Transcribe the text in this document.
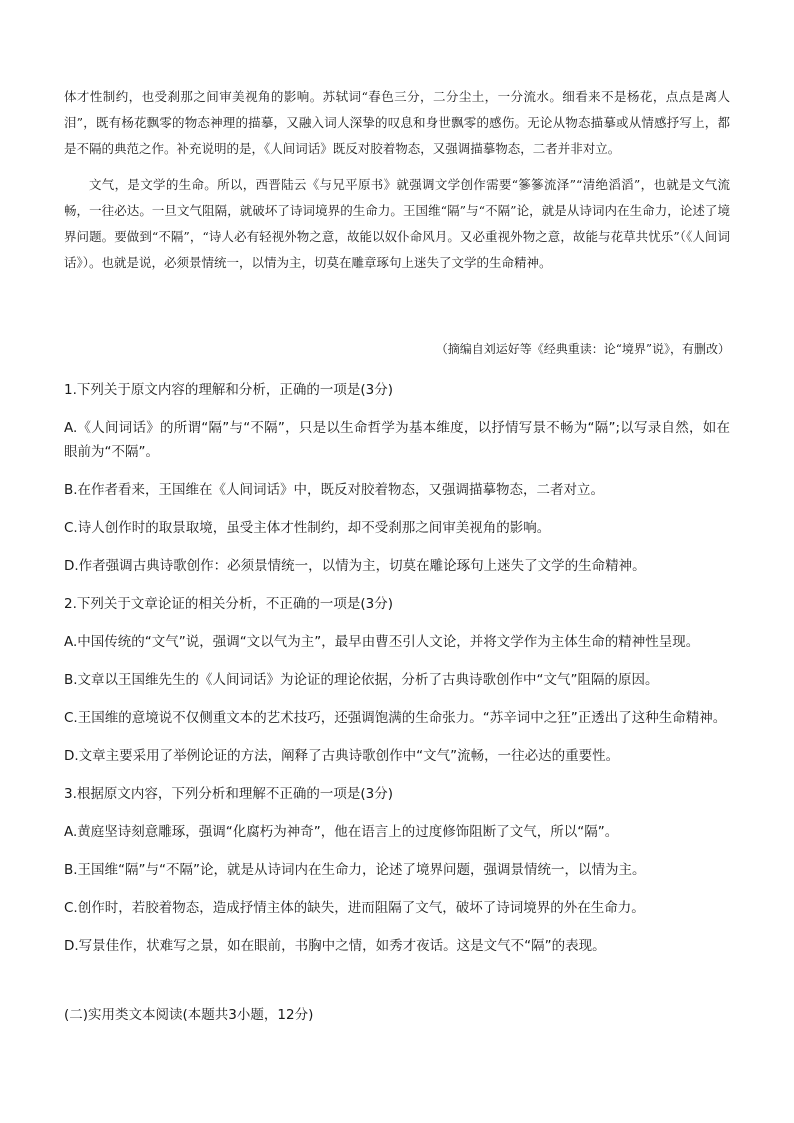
体才性制约，也受刹那之间审美视角的影响。苏轼词“春色三分，二分尘土，一分流水。细看来不是杨花，点点是离人泪”，既有杨花飘零的物态神理的描摹，又融入词人深挚的叹息和身世飘零的感伤。无论从物态描摹或从情感抒写上，都是不隔的典范之作。补充说明的是，《人间词话》既反对胶着物态，又强调描摹物态，二者并非对立。

文气，是文学的生命。所以，西晋陆云《与兄平原书》就强调文学创作需要“篸篸流泽”“清绝滔滔”，也就是文气流畅，一往必达。一旦文气阻隔，就破坏了诗词境界的生命力。王国维“隔”与“不隔”论，就是从诗词内在生命力，论述了境界问题。要做到“不隔”，“诗人必有轻视外物之意，故能以奴仆命风月。又必重视外物之意，故能与花草共忧乐”（《人间词话》）。也就是说，必须景情统一，以情为主，切莫在雕章琢句上迷失了文学的生命精神。

（摘编自刘运好等《经典重读：论“境界”说》，有删改）

1.下列关于原文内容的理解和分析，正确的一项是(3分)

A.《人间词话》的所谓“隔”与“不隔”，只是以生命哲学为基本维度，以抒情写景不畅为“隔”;以写录自然，如在眼前为“不隔”。

B.在作者看来，王国维在《人间词话》中，既反对胶着物态，又强调描摹物态，二者对立。

C.诗人创作时的取景取境，虽受主体才性制约，却不受刹那之间审美视角的影响。

D.作者强调古典诗歌创作：必须景情统一，以情为主，切莫在雕论琢句上迷失了文学的生命精神。

2.下列关于文章论证的相关分析，不正确的一项是(3分)

A.中国传统的“文气”说，强调“文以气为主”，最早由曹丕引人文论，并将文学作为主体生命的精神性呈现。

B.文章以王国维先生的《人间词话》为论证的理论依据，分析了古典诗歌创作中“文气”阻隔的原因。

C.王国维的意境说不仅侧重文本的艺术技巧，还强调饱满的生命张力。“苏辛词中之狂”正透出了这种生命精神。

D.文章主要采用了举例论证的方法，阐释了古典诗歌创作中“文气”流畅，一往必达的重要性。

3.根据原文内容，下列分析和理解不正确的一项是(3分)

A.黄庭坚诗刻意雕琢，强调“化腐朽为神奇”，他在语言上的过度修饰阻断了文气，所以“隔”。

B.王国维“隔”与“不隔”论，就是从诗词内在生命力，论述了境界问题，强调景情统一，以情为主。

C.创作时，若胶着物态，造成抒情主体的缺失，进而阻隔了文气，破坏了诗词境界的外在生命力。

D.写景佳作，状难写之景，如在眼前，书胸中之情，如秀才夜话。这是文气不“隔”的表现。

(二)实用类文本阅读(本题共3小题，12分)
